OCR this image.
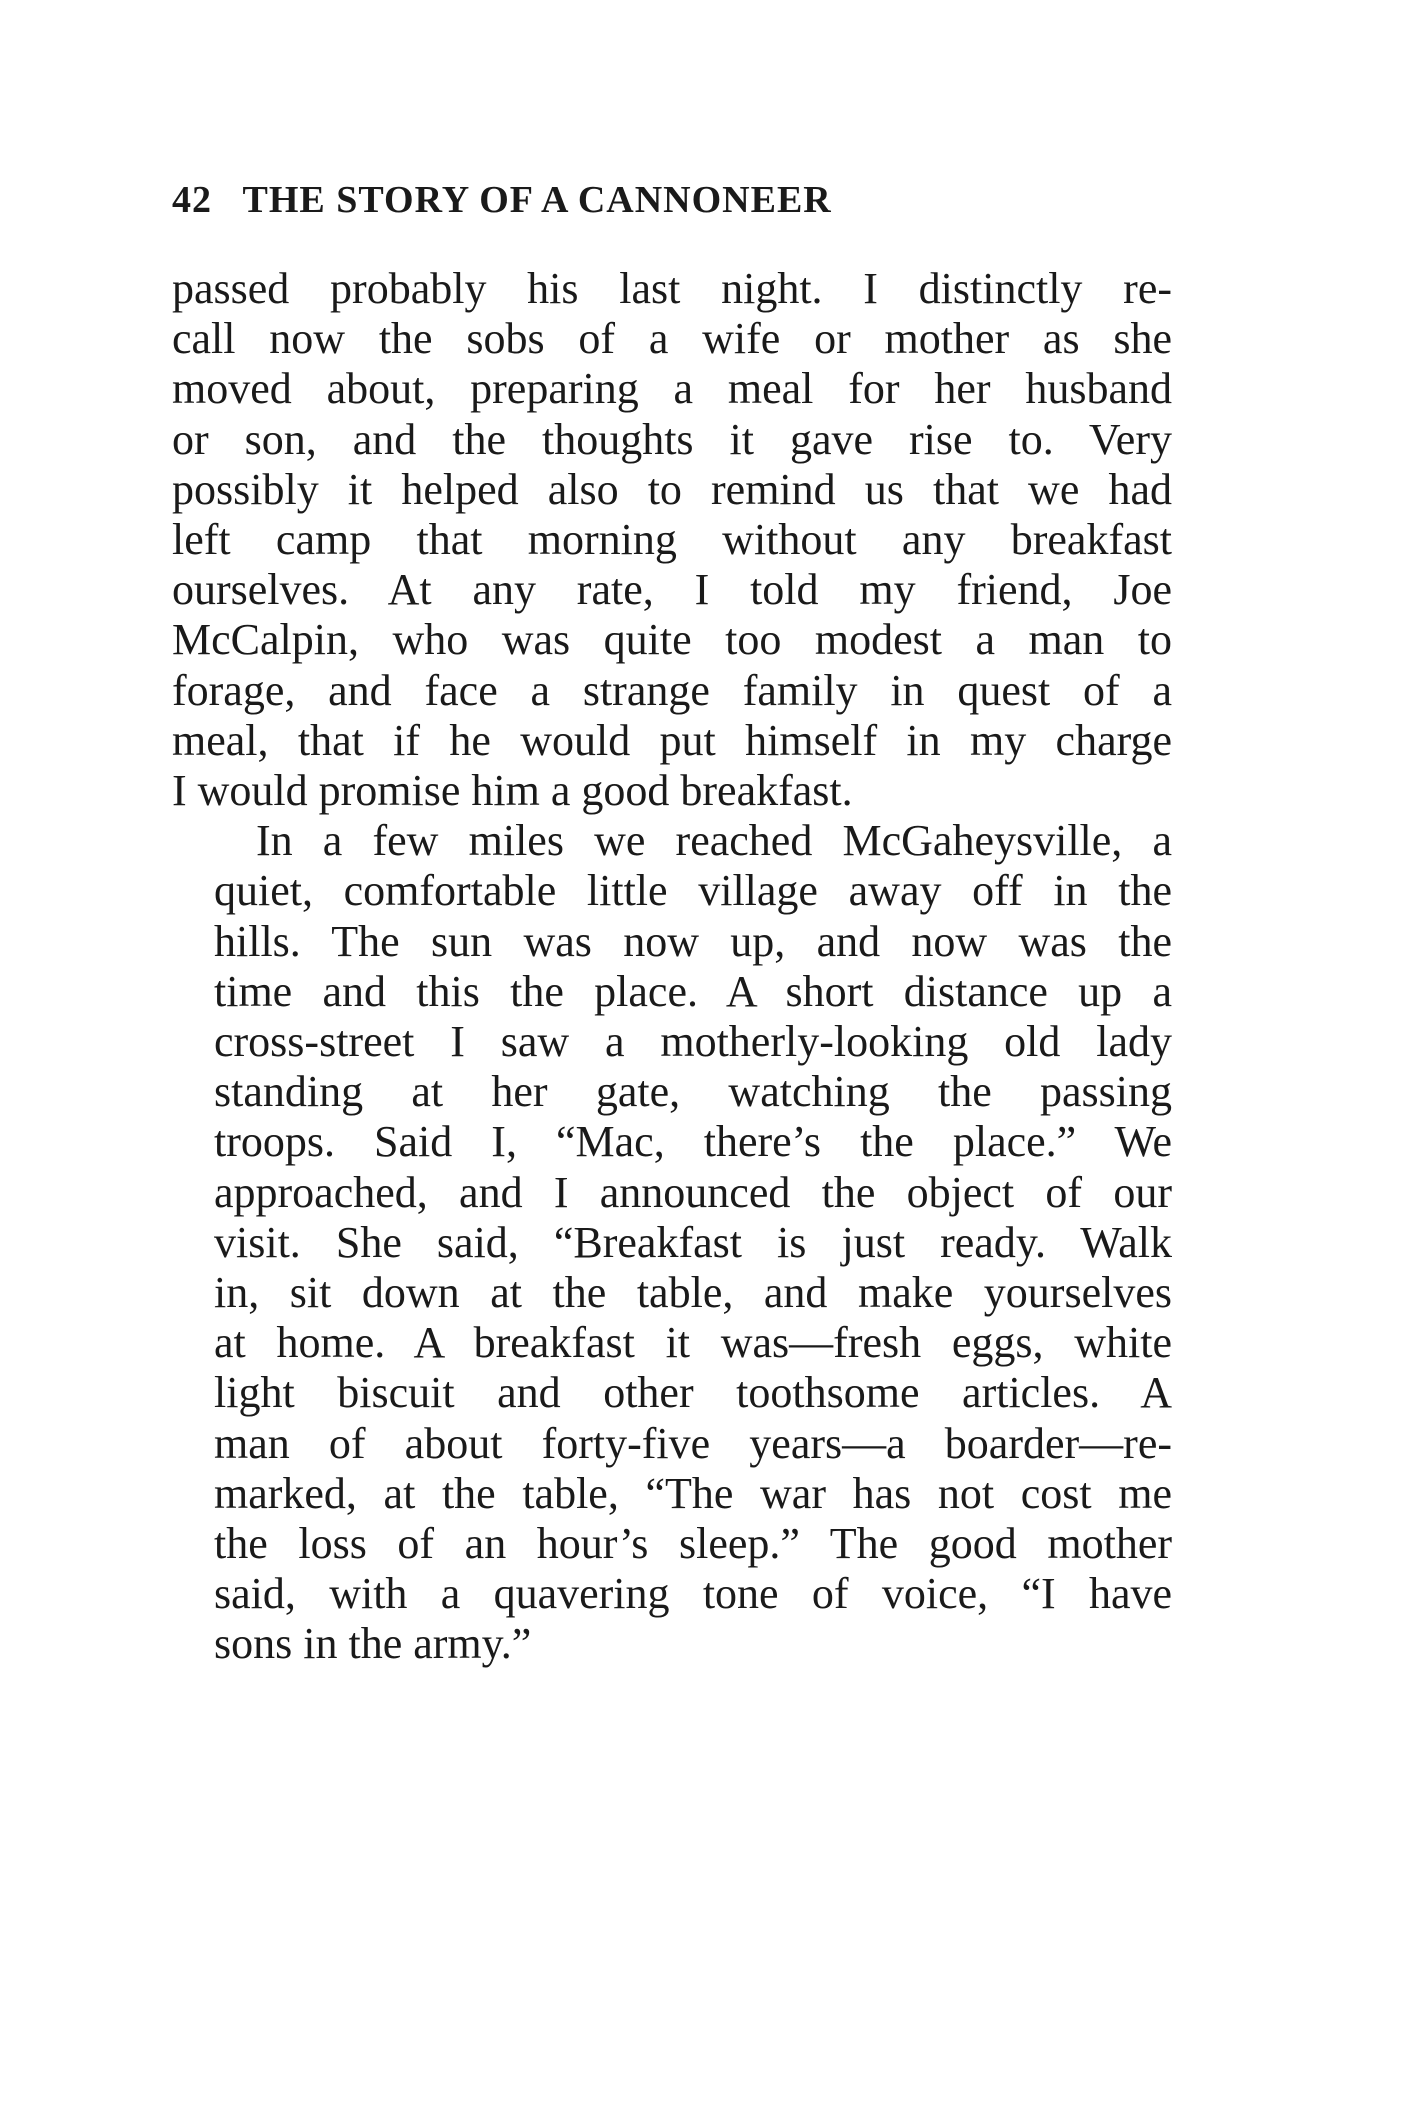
42 THE STORY OF A CANNONEER

passed probably his last night. I distinctly re-
call now the sobs of a wife or mother as she
moved about, preparing a meal for her husband
or son, and the thoughts it gave rise to. Very
possibly it helped also to remind us that we had
left camp that morning without any breakfast
ourselves. At any rate, I told my friend, Joe
McCalpin, who was quite too modest a man to
forage, and face a strange family in quest of a
meal, that if he would put himself in my charge
I would promise him a good breakfast.

In a few miles we reached McGaheysville, a
quiet, comfortable little village away off in the
hills. The sun was now up, and now was the
time and this the place. A short distance up a
cross-street I saw a motherly-looking old lady
standing at her gate, watching the passing
troops. Said I, “Mac, there’s the place.” We
approached, and I announced the object of our
visit. She said, “Breakfast is just ready. Walk
in, sit down at the table, and make yourselves
at home. A breakfast it was—fresh eggs, white
light biscuit and other toothsome articles. A
man of about forty-five years—a boarder—re-
marked, at the table, “The war has not cost me
the loss of an hour’s sleep.” The good mother
said, with a quavering tone of voice, “I have
sons in the army.”
